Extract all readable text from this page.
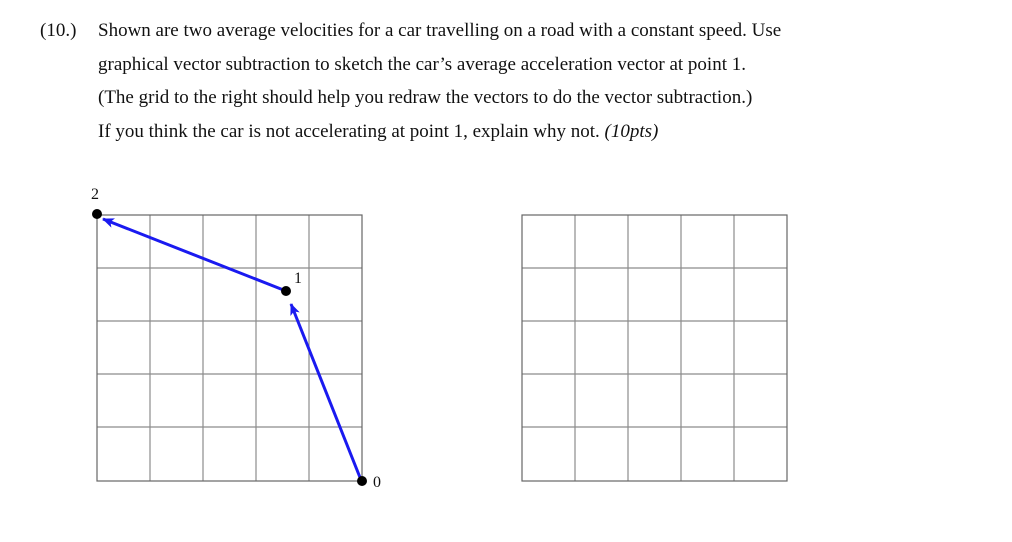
(10.) Shown are two average velocities for a car travelling on a road with a constant speed. Use
graphical vector subtraction to sketch the car’s average acceleration vector at point 1.
(The grid to the right should help you redraw the vectors to do the vector subtraction.)
If you think the car is not accelerating at point 1, explain why not. (10pts)
0
1
2
